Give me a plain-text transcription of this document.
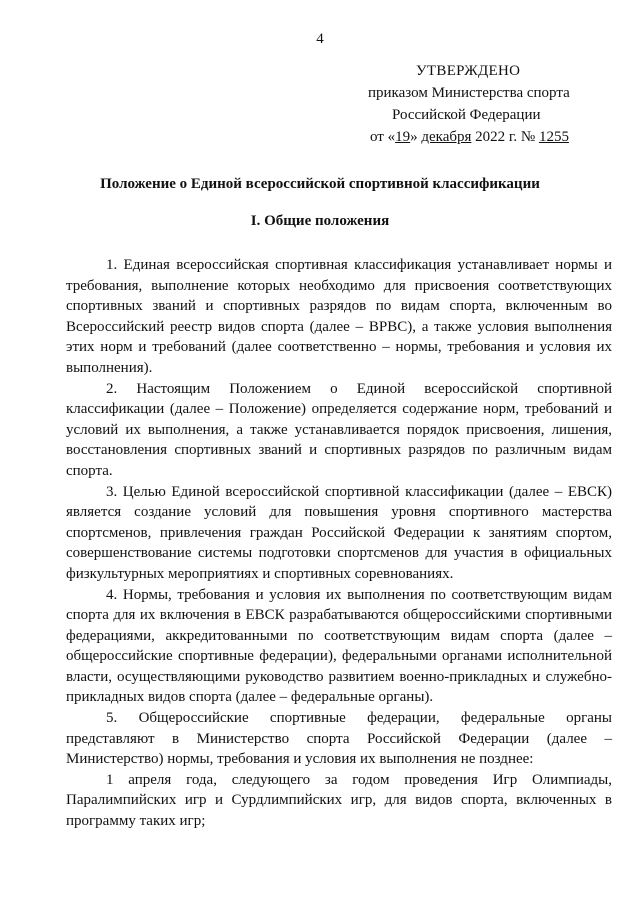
4
УТВЕРЖДЕНО
приказом Министерства спорта
Российской Федерации
от «19» декабря 2022 г. № 1255
Положение о Единой всероссийской спортивной классификации
I. Общие положения

1. Единая всероссийская спортивная классификация устанавливает нормы и требования, выполнение которых необходимо для присвоения соответствующих спортивных званий и спортивных разрядов по видам спорта, включенным во Всероссийский реестр видов спорта (далее – ВРВС), а также условия выполнения этих норм и требований (далее соответственно – нормы, требования и условия их выполнения).

2. Настоящим Положением о Единой всероссийской спортивной классификации (далее – Положение) определяется содержание норм, требований и условий их выполнения, а также устанавливается порядок присвоения, лишения, восстановления спортивных званий и спортивных разрядов по различным видам спорта.

3. Целью Единой всероссийской спортивной классификации (далее – ЕВСК) является создание условий для повышения уровня спортивного мастерства спортсменов, привлечения граждан Российской Федерации к занятиям спортом, совершенствование системы подготовки спортсменов для участия в официальных физкультурных мероприятиях и спортивных соревнованиях.

4. Нормы, требования и условия их выполнения по соответствующим видам спорта для их включения в ЕВСК разрабатываются общероссийскими спортивными федерациями, аккредитованными по соответствующим видам спорта (далее – общероссийские спортивные федерации), федеральными органами исполнительной власти, осуществляющими руководство развитием военно-прикладных и служебно-прикладных видов спорта (далее – федеральные органы).

5. Общероссийские спортивные федерации, федеральные органы представляют в Министерство спорта Российской Федерации (далее – Министерство) нормы, требования и условия их выполнения не позднее:

1 апреля года, следующего за годом проведения Игр Олимпиады, Паралимпийских игр и Сурдлимпийских игр, для видов спорта, включенных в программу таких игр;
